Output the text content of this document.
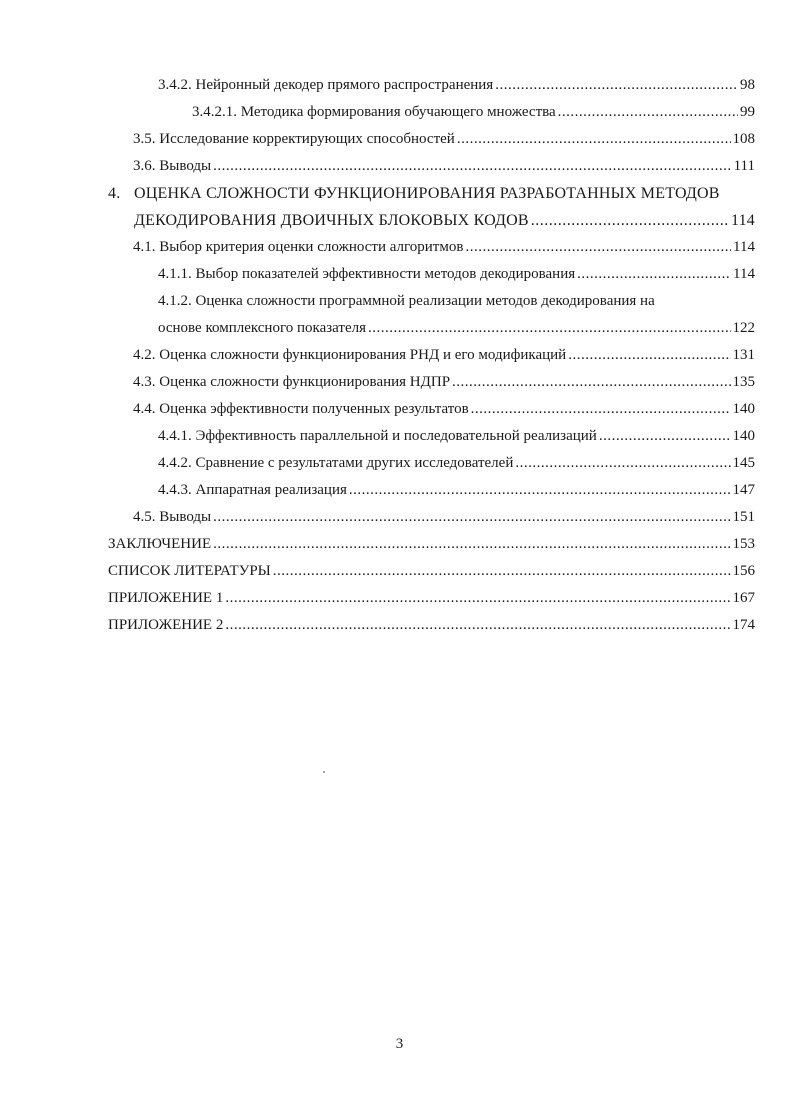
3.4.2. Нейронный декодер прямого распространения .....	98
3.4.2.1. Методика формирования обучающего множества .....	99
3.5. Исследование корректирующих способностей .....	108
3.6. Выводы .....	111
4. ОЦЕНКА СЛОЖНОСТИ ФУНКЦИОНИРОВАНИЯ РАЗРАБОТАННЫХ МЕТОДОВ
ДЕКОДИРОВАНИЯ ДВОИЧНЫХ БЛОКОВЫХ КОДОВ .....	114
4.1. Выбор критерия оценки сложности алгоритмов .....	114
4.1.1. Выбор показателей эффективности методов декодирования .....	114
4.1.2. Оценка сложности программной реализации методов декодирования на
основе комплексного показателя .....	122
4.2. Оценка сложности функционирования РНД и его модификаций .....	131
4.3. Оценка сложности функционирования НДПР .....	135
4.4. Оценка эффективности полученных результатов .....	140
4.4.1. Эффективность параллельной и последовательной реализаций .....	140
4.4.2. Сравнение с результатами других исследователей .....	145
4.4.3. Аппаратная реализация .....	147
4.5. Выводы .....	151
ЗАКЛЮЧЕНИЕ .....	153
СПИСОК ЛИТЕРАТУРЫ .....	156
ПРИЛОЖЕНИЕ 1 .....	167
ПРИЛОЖЕНИЕ 2 .....	174
3
